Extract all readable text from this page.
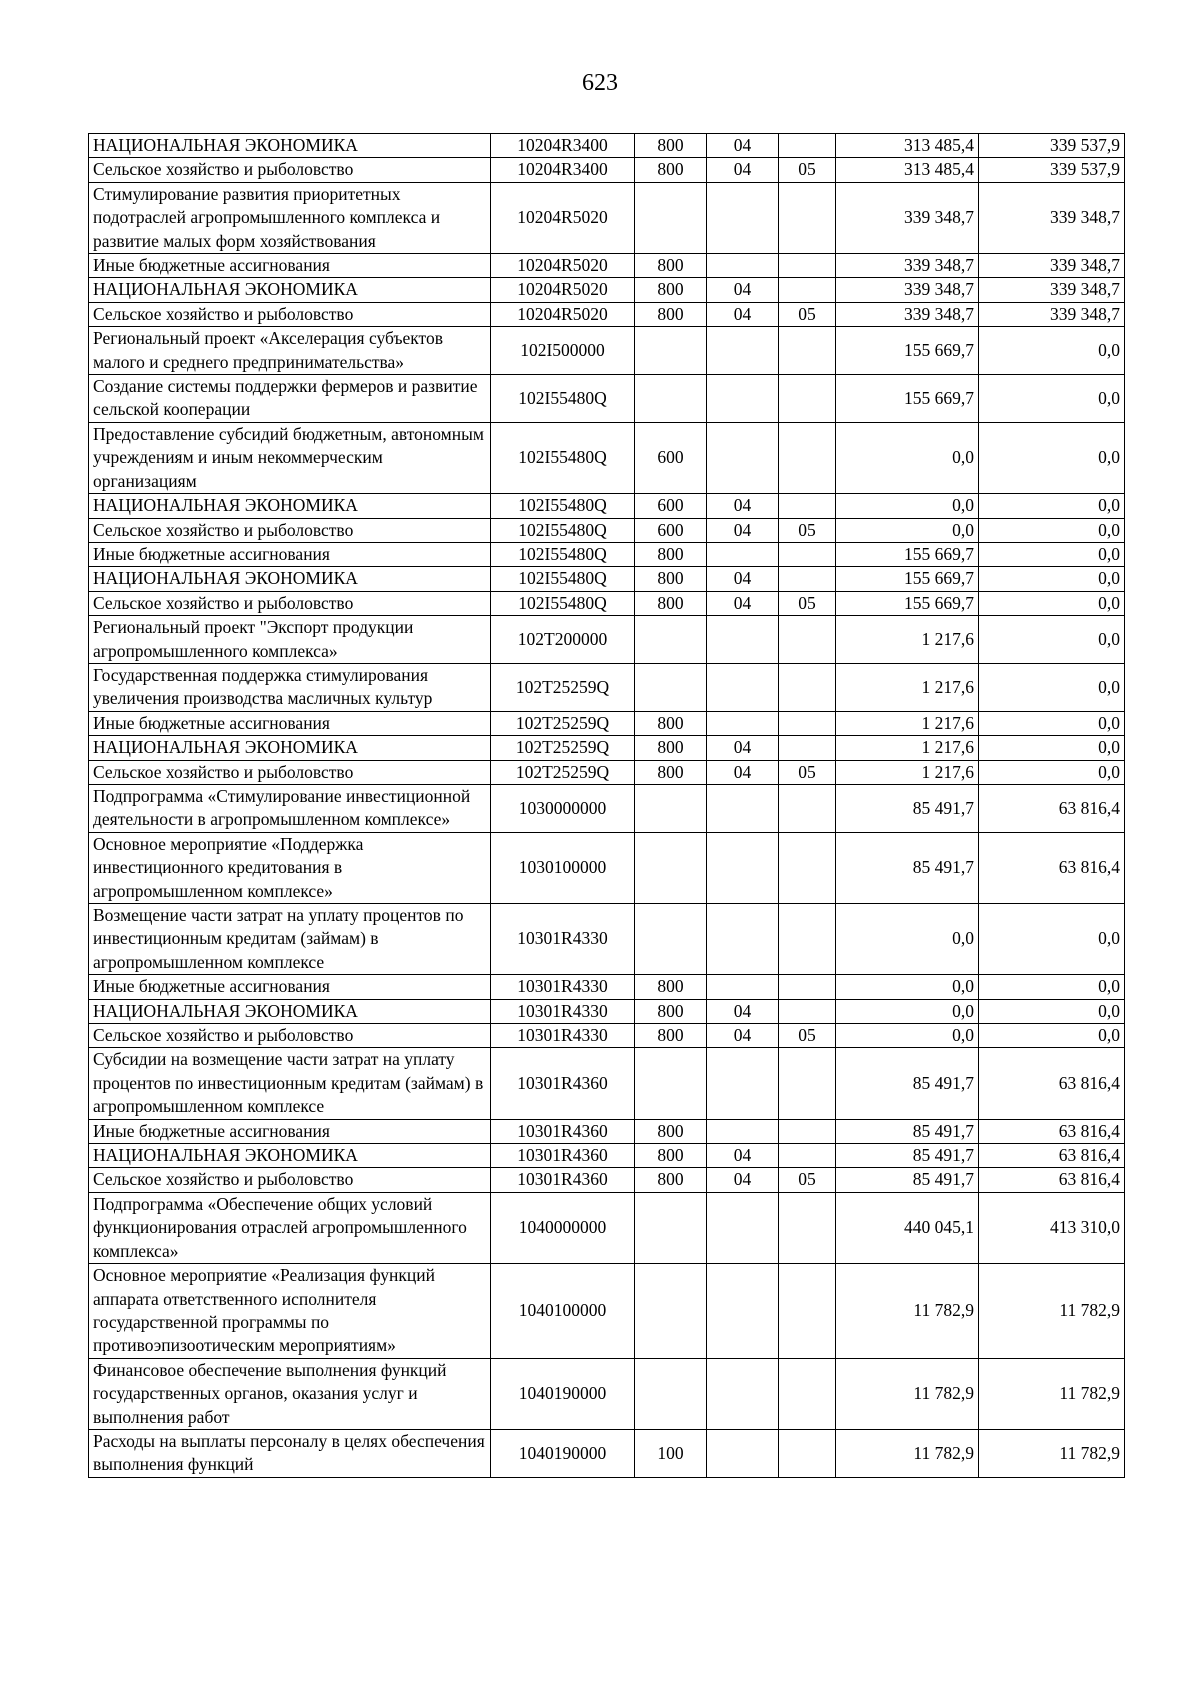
623
НАЦИОНАЛЬНАЯ ЭКОНОМИКА	10204R3400	800	04		313 485,4	339 537,9
Сельское хозяйство и рыболовство	10204R3400	800	04	05	313 485,4	339 537,9
Стимулирование развития приоритетных подотраслей агропромышленного комплекса и развитие малых форм хозяйствования	10204R5020				339 348,7	339 348,7
Иные бюджетные ассигнования	10204R5020	800			339 348,7	339 348,7
НАЦИОНАЛЬНАЯ ЭКОНОМИКА	10204R5020	800	04		339 348,7	339 348,7
Сельское хозяйство и рыболовство	10204R5020	800	04	05	339 348,7	339 348,7
Региональный проект «Акселерация субъектов малого и среднего предпринимательства»	102I500000				155 669,7	0,0
Создание системы поддержки фермеров и развитие сельской кооперации	102I55480Q				155 669,7	0,0
Предоставление субсидий бюджетным, автономным учреждениям и иным некоммерческим организациям	102I55480Q	600			0,0	0,0
НАЦИОНАЛЬНАЯ ЭКОНОМИКА	102I55480Q	600	04		0,0	0,0
Сельское хозяйство и рыболовство	102I55480Q	600	04	05	0,0	0,0
Иные бюджетные ассигнования	102I55480Q	800			155 669,7	0,0
НАЦИОНАЛЬНАЯ ЭКОНОМИКА	102I55480Q	800	04		155 669,7	0,0
Сельское хозяйство и рыболовство	102I55480Q	800	04	05	155 669,7	0,0
Региональный проект "Экспорт продукции агропромышленного комплекса»	102T200000				1 217,6	0,0
Государственная поддержка стимулирования увеличения производства масличных культур	102T25259Q				1 217,6	0,0
Иные бюджетные ассигнования	102T25259Q	800			1 217,6	0,0
НАЦИОНАЛЬНАЯ ЭКОНОМИКА	102T25259Q	800	04		1 217,6	0,0
Сельское хозяйство и рыболовство	102T25259Q	800	04	05	1 217,6	0,0
Подпрограмма «Стимулирование инвестиционной деятельности в агропромышленном комплексе»	1030000000				85 491,7	63 816,4
Основное мероприятие «Поддержка инвестиционного кредитования в агропромышленном комплексе»	1030100000				85 491,7	63 816,4
Возмещение части затрат на уплату процентов по инвестиционным кредитам (займам) в агропромышленном комплексе	10301R4330				0,0	0,0
Иные бюджетные ассигнования	10301R4330	800			0,0	0,0
НАЦИОНАЛЬНАЯ ЭКОНОМИКА	10301R4330	800	04		0,0	0,0
Сельское хозяйство и рыболовство	10301R4330	800	04	05	0,0	0,0
Субсидии на возмещение части затрат на уплату процентов по инвестиционным кредитам (займам) в агропромышленном комплексе	10301R4360				85 491,7	63 816,4
Иные бюджетные ассигнования	10301R4360	800			85 491,7	63 816,4
НАЦИОНАЛЬНАЯ ЭКОНОМИКА	10301R4360	800	04		85 491,7	63 816,4
Сельское хозяйство и рыболовство	10301R4360	800	04	05	85 491,7	63 816,4
Подпрограмма «Обеспечение общих условий функционирования отраслей агропромышленного комплекса»	1040000000				440 045,1	413 310,0
Основное мероприятие «Реализация функций аппарата ответственного исполнителя государственной программы по противоэпизоотическим мероприятиям»	1040100000				11 782,9	11 782,9
Финансовое обеспечение выполнения функций государственных органов, оказания услуг и выполнения работ	1040190000				11 782,9	11 782,9
Расходы на выплаты персоналу в целях обеспечения выполнения функций	1040190000	100			11 782,9	11 782,9
